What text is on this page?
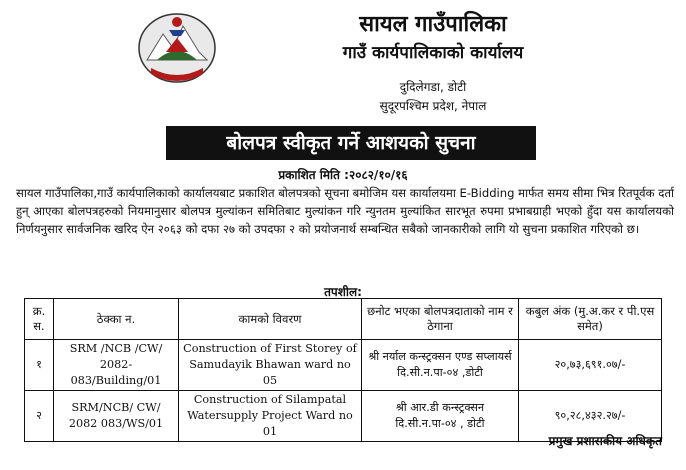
सायल गाउँपालिका
गाउँ कार्यपालिकाको कार्यालय
दुदिलेगडा, डोटी
सुदूरपश्चिम प्रदेश, नेपाल
बोलपत्र स्वीकृत गर्ने आशयको सुचना
प्रकाशित मिति :२०८२/१०/१६
सायल गाउँपालिका,गाउँ कार्यपालिकाको कार्यालयबाट प्रकाशित बोलपत्रको सूचना बमोजिम यस कार्यालयमा E-Bidding मार्फत समय सीमा भित्र रितपूर्वक दर्ता हुन् आएका बोलपत्रहरुको नियमानुसार बोलपत्र मुल्यांकन समितिबाट मुल्यांकन गरि न्युनतम मुल्यांकित सारभूत रुपमा प्रभाबग्राही भएको हुँदा यस कार्यालयको निर्णयनुसार सार्वजनिक खरिद ऐन २०६३ को दफा २७ को उपदफा २ को प्रयोजनार्थ सम्बन्धित सबैको जानकारीको लागि यो सुचना प्रकाशित गरिएको छ।
तपशील:
क्र. स.	ठेक्का न.	कामको विवरण	छनोट भएका बोलपत्रदाताको नाम र ठेगाना	कबुल अंक (मु.अ.कर र पी.एस समेत)
१	SRM /NCB /CW/ 2082-083/Building/01	Construction of First Storey of Samudayik Bhawan ward no 05	श्री नर्याल कन्स्ट्रक्सन एण्ड सप्लायर्स दि.सी.न.पा-०४ ,डोटी	२०,७३,६९१.०७/-
२	SRM/NCB/ CW/ 2082 083/WS/01	Construction of Silampatal Watersupply Project Ward no 01	श्री आर.डी कन्स्ट्रक्सन दि.सी.न.पा-०४ , डोटी	९०,२८,४३२.२७/-
प्रमुख प्रशासकीय अधिकृत
